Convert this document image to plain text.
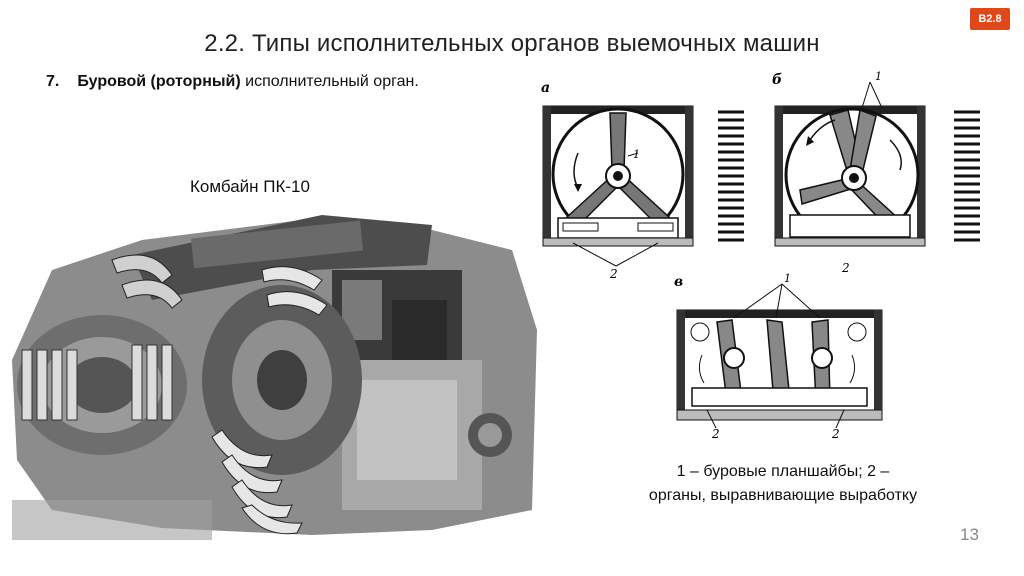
В2.8
2.2. Типы исполнительных органов выемочных машин
7. Буровой (роторный) исполнительный орган.
Комбайн ПК-10
а
1
2
б	1
2
в	1
2	2
1 – буровые планшайбы; 2 – органы, выравнивающие выработку
13
